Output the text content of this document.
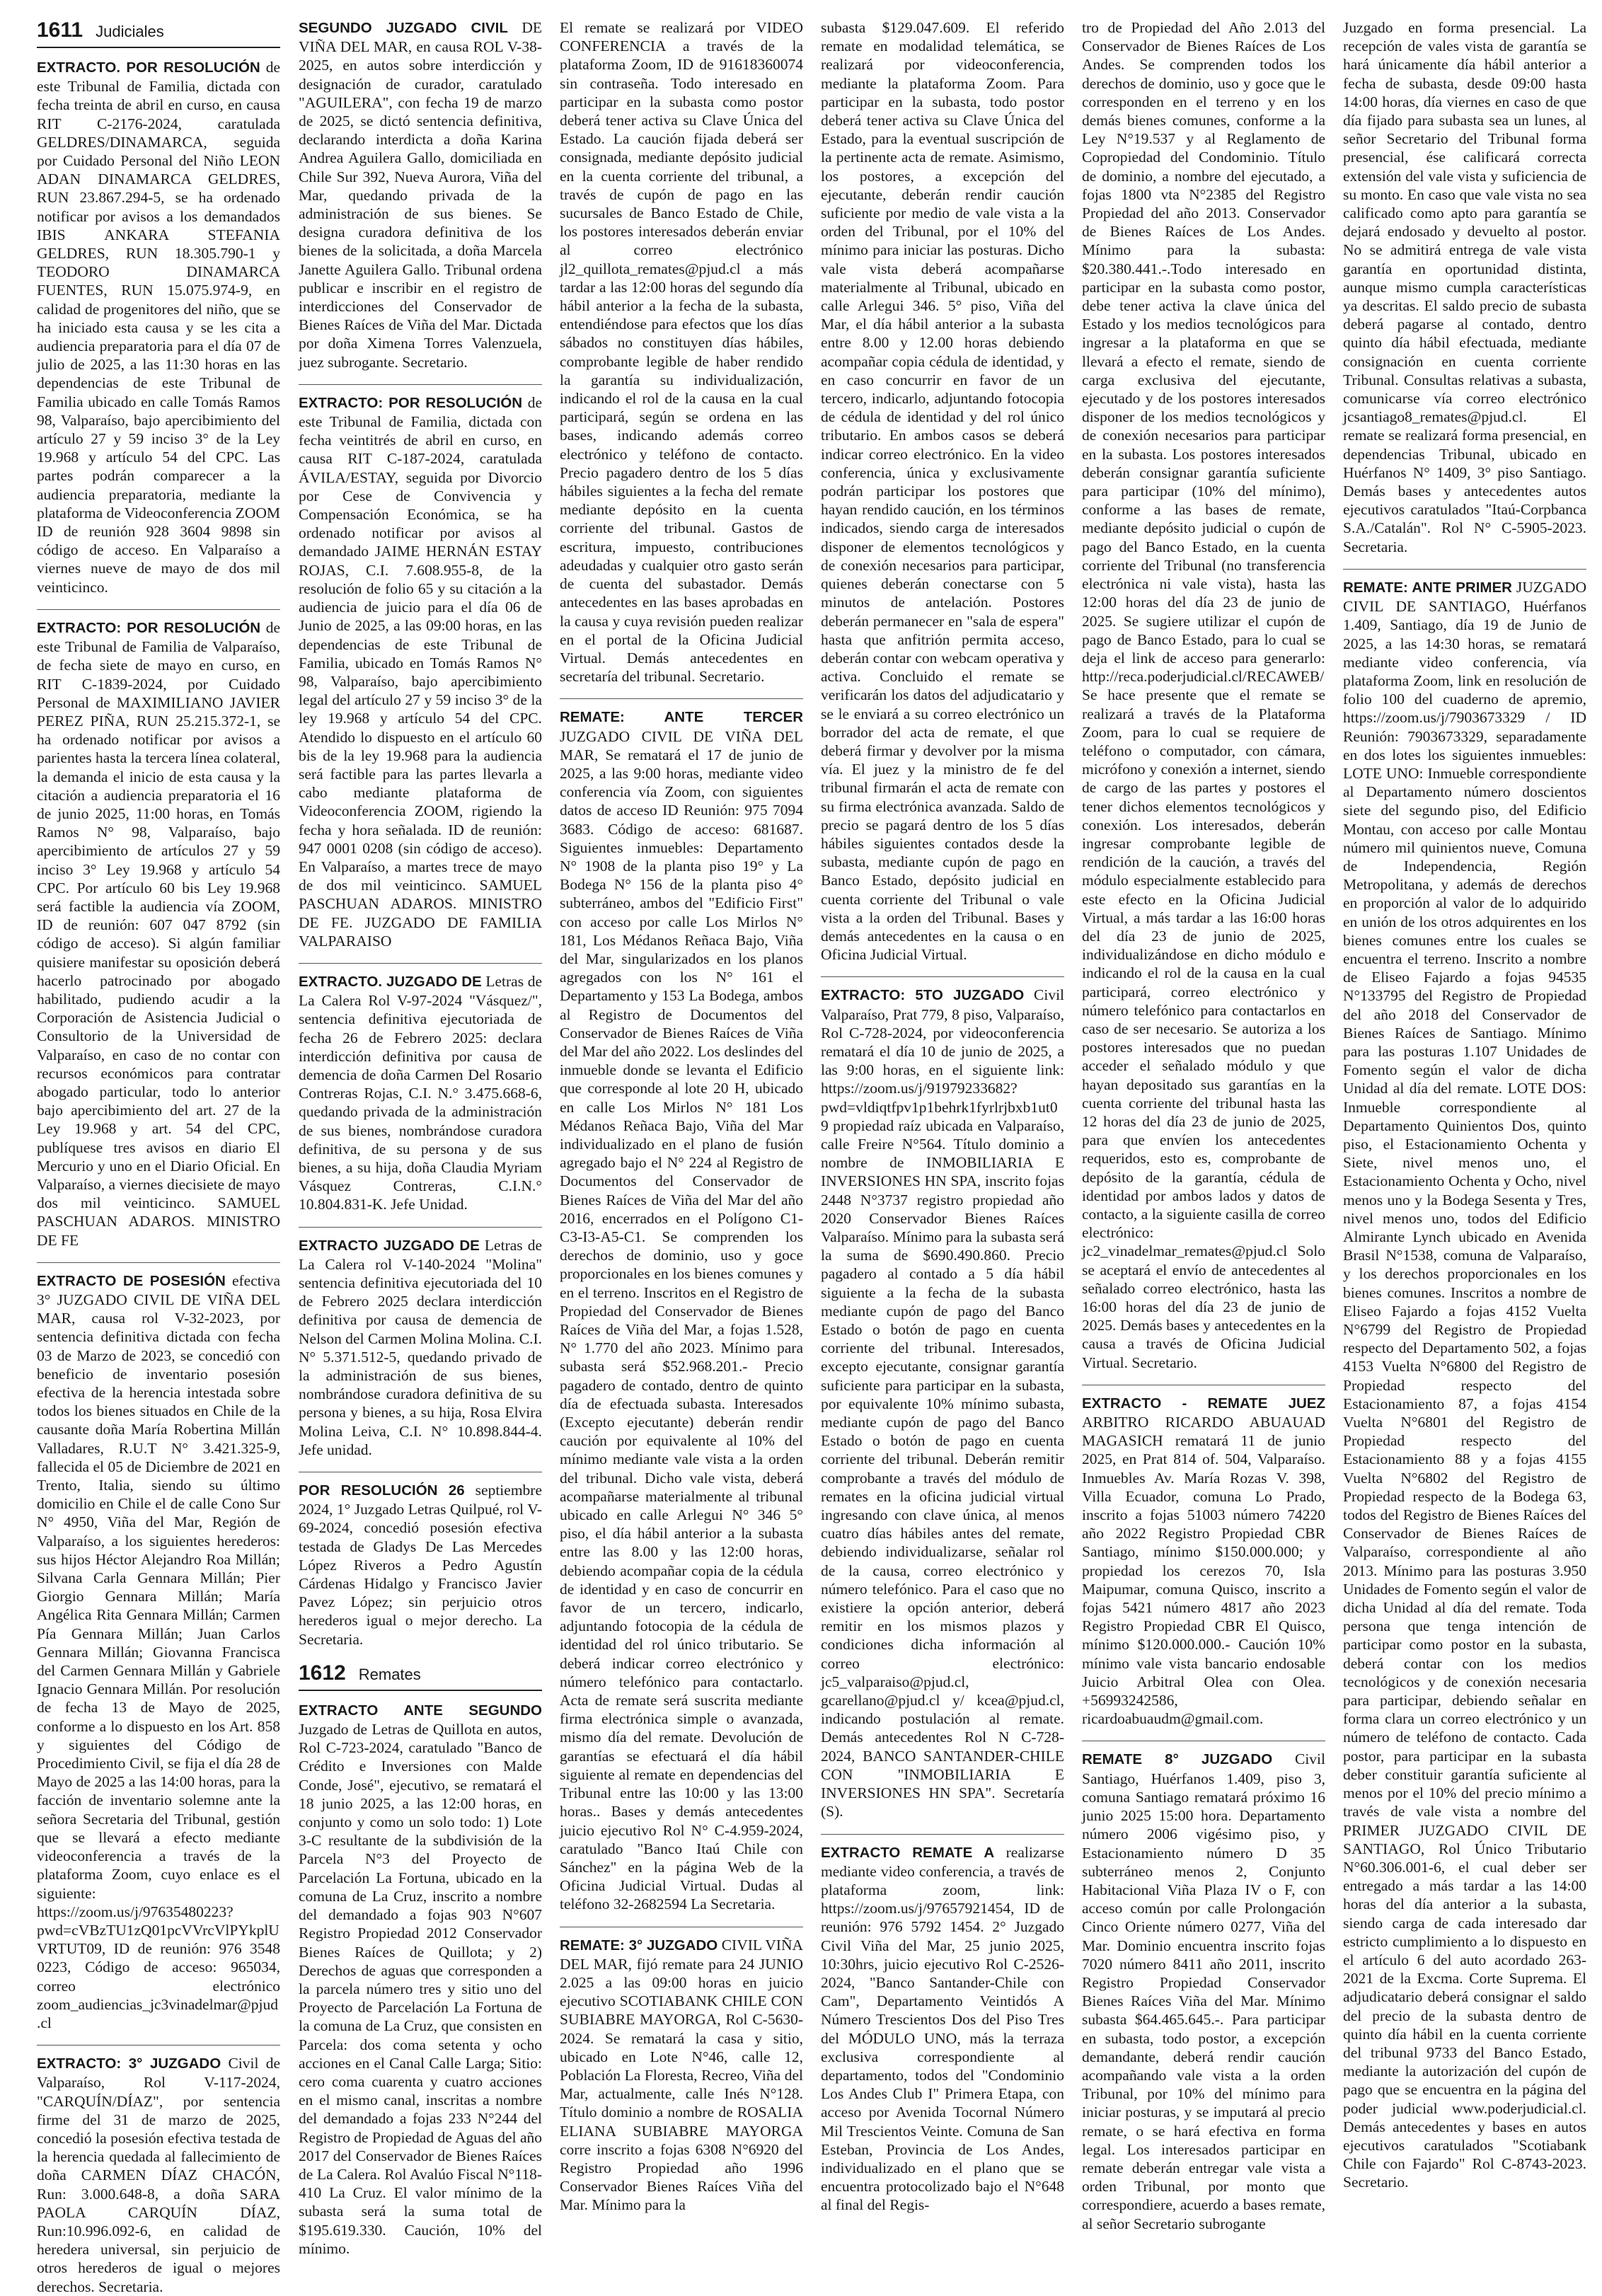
1611 Judiciales

EXTRACTO. POR RESOLUCIÓN de este Tribunal de Familia, dictada con fecha treinta de abril en curso, en causa RIT C-2176-2024, caratulada GELDRES/DINAMARCA, seguida por Cuidado Personal del Niño LEON ADAN DINAMARCA GELDRES, RUN 23.867.294-5, se ha ordenado notificar por avisos a los demandados IBIS ANKARA STEFANIA GELDRES, RUN 18.305.790-1 y TEODORO DINAMARCA FUENTES, RUN 15.075.974-9, en calidad de progenitores del niño, que se ha iniciado esta causa y se les cita a audiencia preparatoria para el día 07 de julio de 2025, a las 11:30 horas en las dependencias de este Tribunal de Familia ubicado en calle Tomás Ramos 98, Valparaíso, bajo apercibimiento del artículo 27 y 59 inciso 3° de la Ley 19.968 y artículo 54 del CPC. Las partes podrán comparecer a la audiencia preparatoria, mediante la plataforma de Videoconferencia ZOOM ID de reunión 928 3604 9898 sin código de acceso. En Valparaíso a viernes nueve de mayo de dos mil veinticinco.

EXTRACTO: POR RESOLUCIÓN de este Tribunal de Familia de Valparaíso, de fecha siete de mayo en curso, en RIT C-1839-2024, por Cuidado Personal de MAXIMILIANO JAVIER PEREZ PIÑA, RUN 25.215.372-1, se ha ordenado notificar por avisos a parientes hasta la tercera línea colateral, la demanda el inicio de esta causa y la citación a audiencia preparatoria el 16 de junio 2025, 11:00 horas, en Tomás Ramos N° 98, Valparaíso, bajo apercibimiento de artículos 27 y 59 inciso 3° Ley 19.968 y artículo 54 CPC. Por artículo 60 bis Ley 19.968 será factible la audiencia vía ZOOM, ID de reunión: 607 047 8792 (sin código de acceso). Si algún familiar quisiere manifestar su oposición deberá hacerlo patrocinado por abogado habilitado, pudiendo acudir a la Corporación de Asistencia Judicial o Consultorio de la Universidad de Valparaíso, en caso de no contar con recursos económicos para contratar abogado particular, todo lo anterior bajo apercibimiento del art. 27 de la Ley 19.968 y art. 54 del CPC, publíquese tres avisos en diario El Mercurio y uno en el Diario Oficial. En Valparaíso, a viernes diecisiete de mayo dos mil veinticinco. SAMUEL PASCHUAN ADAROS. MINISTRO DE FE

EXTRACTO DE POSESIÓN efectiva 3° JUZGADO CIVIL DE VIÑA DEL MAR, causa rol V-32-2023, por sentencia definitiva dictada con fecha 03 de Marzo de 2023, se concedió con beneficio de inventario posesión efectiva de la herencia intestada sobre todos los bienes situados en Chile de la causante doña María Robertina Millán Valladares, R.U.T N° 3.421.325-9, fallecida el 05 de Diciembre de 2021 en Trento, Italia, siendo su último domicilio en Chile el de calle Cono Sur N° 4950, Viña del Mar, Región de Valparaíso, a los siguientes herederos: sus hijos Héctor Alejandro Roa Millán; Silvana Carla Gennara Millán; Pier Giorgio Gennara Millán; María Angélica Rita Gennara Millán; Carmen Pía Gennara Millán; Juan Carlos Gennara Millán; Giovanna Francisca del Carmen Gennara Millán y Gabriele Ignacio Gennara Millán. Por resolución de fecha 13 de Mayo de 2025, conforme a lo dispuesto en los Art. 858 y siguientes del Código de Procedimiento Civil, se fija el día 28 de Mayo de 2025 a las 14:00 horas, para la facción de inventario solemne ante la señora Secretaria del Tribunal, gestión que se llevará a efecto mediante videoconferencia a través de la plataforma Zoom, cuyo enlace es el siguiente: https://zoom.us/j/97635480223?pwd=cVBzTU1zQ01pcVVrcVlPYkplUVRTUT09, ID de reunión: 976 3548 0223, Código de acceso: 965034, correo electrónico zoom_audiencias_jc3vinadelmar@pjud.cl

EXTRACTO: 3° JUZGADO Civil de Valparaíso, Rol V-117-2024, "CARQUÍN/DÍAZ", por sentencia firme del 31 de marzo de 2025, concedió la posesión efectiva testada de la herencia quedada al fallecimiento de doña CARMEN DÍAZ CHACÓN, Run: 3.000.648-8, a doña SARA PAOLA CARQUÍN DÍAZ, Run:10.996.092-6, en calidad de heredera universal, sin perjuicio de otros herederos de igual o mejores derechos. Secretaria.

SEGUNDO JUZGADO CIVIL DE VIÑA DEL MAR, en causa ROL V-38-2025, en autos sobre interdicción y designación de curador, caratulado "AGUILERA", con fecha 19 de marzo de 2025, se dictó sentencia definitiva, declarando interdicta a doña Karina Andrea Aguilera Gallo, domiciliada en Chile Sur 392, Nueva Aurora, Viña del Mar, quedando privada de la administración de sus bienes. Se designa curadora definitiva de los bienes de la solicitada, a doña Marcela Janette Aguilera Gallo. Tribunal ordena publicar e inscribir en el registro de interdicciones del Conservador de Bienes Raíces de Viña del Mar. Dictada por doña Ximena Torres Valenzuela, juez subrogante. Secretario.

EXTRACTO: POR RESOLUCIÓN de este Tribunal de Familia, dictada con fecha veintitrés de abril en curso, en causa RIT C-187-2024, caratulada ÁVILA/ESTAY, seguida por Divorcio por Cese de Convivencia y Compensación Económica, se ha ordenado notificar por avisos al demandado JAIME HERNÁN ESTAY ROJAS, C.I. 7.608.955-8, de la resolución de folio 65 y su citación a la audiencia de juicio para el día 06 de Junio de 2025, a las 09:00 horas, en las dependencias de este Tribunal de Familia, ubicado en Tomás Ramos N° 98, Valparaíso, bajo apercibimiento legal del artículo 27 y 59 inciso 3° de la ley 19.968 y artículo 54 del CPC. Atendido lo dispuesto en el artículo 60 bis de la ley 19.968 para la audiencia será factible para las partes llevarla a cabo mediante plataforma de Videoconferencia ZOOM, rigiendo la fecha y hora señalada. ID de reunión: 947 0001 0208 (sin código de acceso). En Valparaíso, a martes trece de mayo de dos mil veinticinco. SAMUEL PASCHUAN ADAROS. MINISTRO DE FE. JUZGADO DE FAMILIA VALPARAISO

EXTRACTO. JUZGADO DE Letras de La Calera Rol V-97-2024 "Vásquez/", sentencia definitiva ejecutoriada de fecha 26 de Febrero 2025: declara interdicción definitiva por causa de demencia de doña Carmen Del Rosario Contreras Rojas, C.I. N.° 3.475.668-6, quedando privada de la administración de sus bienes, nombrándose curadora definitiva, de su persona y de sus bienes, a su hija, doña Claudia Myriam Vásquez Contreras, C.I.N.° 10.804.831-K. Jefe Unidad.

EXTRACTO JUZGADO DE Letras de La Calera rol V-140-2024 "Molina" sentencia definitiva ejecutoriada del 10 de Febrero 2025 declara interdicción definitiva por causa de demencia de Nelson del Carmen Molina Molina. C.I. N° 5.371.512-5, quedando privado de la administración de sus bienes, nombrándose curadora definitiva de su persona y bienes, a su hija, Rosa Elvira Molina Leiva, C.I. N° 10.898.844-4. Jefe unidad.

POR RESOLUCIÓN 26 septiembre 2024, 1° Juzgado Letras Quilpué, rol V-69-2024, concedió posesión efectiva testada de Gladys De Las Mercedes López Riveros a Pedro Agustín Cárdenas Hidalgo y Francisco Javier Pavez López; sin perjuicio otros herederos igual o mejor derecho. La Secretaria.

1612 Remates

EXTRACTO ANTE SEGUNDO Juzgado de Letras de Quillota en autos, Rol C-723-2024, caratulado "Banco de Crédito e Inversiones con Malde Conde, José", ejecutivo, se rematará el 18 junio 2025, a las 12:00 horas, en conjunto y como un solo todo: 1) Lote 3-C resultante de la subdivisión de la Parcela N°3 del Proyecto de Parcelación La Fortuna, ubicado en la comuna de La Cruz, inscrito a nombre del demandado a fojas 903 N°607 Registro Propiedad 2012 Conservador Bienes Raíces de Quillota; y 2) Derechos de aguas que corresponden a la parcela número tres y sitio uno del Proyecto de Parcelación La Fortuna de la comuna de La Cruz, que consisten en Parcela: dos coma setenta y ocho acciones en el Canal Calle Larga; Sitio: cero coma cuarenta y cuatro acciones en el mismo canal, inscritas a nombre del demandado a fojas 233 N°244 del Registro de Propiedad de Aguas del año 2017 del Conservador de Bienes Raíces de La Calera. Rol Avalúo Fiscal N°118-410 La Cruz. El valor mínimo de la subasta será la suma total de $195.619.330. Caución, 10% del mínimo.

El remate se realizará por VIDEO CONFERENCIA a través de la plataforma Zoom, ID de 91618360074 sin contraseña. Todo interesado en participar en la subasta como postor deberá tener activa su Clave Única del Estado. La caución fijada deberá ser consignada, mediante depósito judicial en la cuenta corriente del tribunal, a través de cupón de pago en las sucursales de Banco Estado de Chile, los postores interesados deberán enviar al correo electrónico jl2_quillota_remates@pjud.cl a más tardar a las 12:00 horas del segundo día hábil anterior a la fecha de la subasta, entendiéndose para efectos que los días sábados no constituyen días hábiles, comprobante legible de haber rendido la garantía su individualización, indicando el rol de la causa en la cual participará, según se ordena en las bases, indicando además correo electrónico y teléfono de contacto. Precio pagadero dentro de los 5 días hábiles siguientes a la fecha del remate mediante depósito en la cuenta corriente del tribunal. Gastos de escritura, impuesto, contribuciones adeudadas y cualquier otro gasto serán de cuenta del subastador. Demás antecedentes en las bases aprobadas en la causa y cuya revisión pueden realizar en el portal de la Oficina Judicial Virtual. Demás antecedentes en secretaría del tribunal. Secretario.

REMATE: ANTE TERCER JUZGADO CIVIL DE VIÑA DEL MAR, Se rematará el 17 de junio de 2025, a las 9:00 horas, mediante video conferencia vía Zoom, con siguientes datos de acceso ID Reunión: 975 7094 3683. Código de acceso: 681687. Siguientes inmuebles: Departamento N° 1908 de la planta piso 19° y La Bodega N° 156 de la planta piso 4° subterráneo, ambos del "Edificio First" con acceso por calle Los Mirlos N° 181, Los Médanos Reñaca Bajo, Viña del Mar, singularizados en los planos agregados con los N° 161 el Departamento y 153 La Bodega, ambos al Registro de Documentos del Conservador de Bienes Raíces de Viña del Mar del año 2022. Los deslindes del inmueble donde se levanta el Edificio que corresponde al lote 20 H, ubicado en calle Los Mirlos N° 181 Los Médanos Reñaca Bajo, Viña del Mar individualizado en el plano de fusión agregado bajo el N° 224 al Registro de Documentos del Conservador de Bienes Raíces de Viña del Mar del año 2016, encerrados en el Polígono C1-C3-I3-A5-C1. Se comprenden los derechos de dominio, uso y goce proporcionales en los bienes comunes y en el terreno. Inscritos en el Registro de Propiedad del Conservador de Bienes Raíces de Viña del Mar, a fojas 1.528, N° 1.770 del año 2023. Mínimo para subasta será $52.968.201.- Precio pagadero de contado, dentro de quinto día de efectuada subasta. Interesados (Excepto ejecutante) deberán rendir caución por equivalente al 10% del mínimo mediante vale vista a la orden del tribunal. Dicho vale vista, deberá acompañarse materialmente al tribunal ubicado en calle Arlegui N° 346 5° piso, el día hábil anterior a la subasta entre las 8.00 y las 12:00 horas, debiendo acompañar copia de la cédula de identidad y en caso de concurrir en favor de un tercero, indicarlo, adjuntando fotocopia de la cédula de identidad del rol único tributario. Se deberá indicar correo electrónico y número telefónico para contactarlo. Acta de remate será suscrita mediante firma electrónica simple o avanzada, mismo día del remate. Devolución de garantías se efectuará el día hábil siguiente al remate en dependencias del Tribunal entre las 10:00 y las 13:00 horas.. Bases y demás antecedentes juicio ejecutivo Rol N° C-4.959-2024, caratulado "Banco Itaú Chile con Sánchez" en la página Web de la Oficina Judicial Virtual. Dudas al teléfono 32-2682594 La Secretaria.

REMATE: 3° JUZGADO CIVIL VIÑA DEL MAR, fijó remate para 24 JUNIO 2.025 a las 09:00 horas en juicio ejecutivo SCOTIABANK CHILE CON SUBIABRE MAYORGA, Rol C-5630-2024. Se rematará la casa y sitio, ubicado en Lote N°46, calle 12, Población La Floresta, Recreo, Viña del Mar, actualmente, calle Inés N°128. Título dominio a nombre de ROSALIA ELIANA SUBIABRE MAYORGA corre inscrito a fojas 6308 N°6920 del Registro Propiedad año 1996 Conservador Bienes Raíces Viña del Mar. Mínimo para la

subasta $129.047.609. El referido remate en modalidad telemática, se realizará por videoconferencia, mediante la plataforma Zoom. Para participar en la subasta, todo postor deberá tener activa su Clave Única del Estado, para la eventual suscripción de la pertinente acta de remate. Asimismo, los postores, a excepción del ejecutante, deberán rendir caución suficiente por medio de vale vista a la orden del Tribunal, por el 10% del mínimo para iniciar las posturas. Dicho vale vista deberá acompañarse materialmente al Tribunal, ubicado en calle Arlegui 346. 5° piso, Viña del Mar, el día hábil anterior a la subasta entre 8.00 y 12.00 horas debiendo acompañar copia cédula de identidad, y en caso concurrir en favor de un tercero, indicarlo, adjuntando fotocopia de cédula de identidad y del rol único tributario. En ambos casos se deberá indicar correo electrónico. En la video conferencia, única y exclusivamente podrán participar los postores que hayan rendido caución, en los términos indicados, siendo carga de interesados disponer de elementos tecnológicos y de conexión necesarios para participar, quienes deberán conectarse con 5 minutos de antelación. Postores deberán permanecer en "sala de espera" hasta que anfitrión permita acceso, deberán contar con webcam operativa y activa. Concluido el remate se verificarán los datos del adjudicatario y se le enviará a su correo electrónico un borrador del acta de remate, el que deberá firmar y devolver por la misma vía. El juez y la ministro de fe del tribunal firmarán el acta de remate con su firma electrónica avanzada. Saldo de precio se pagará dentro de los 5 días hábiles siguientes contados desde la subasta, mediante cupón de pago en Banco Estado, depósito judicial en cuenta corriente del Tribunal o vale vista a la orden del Tribunal. Bases y demás antecedentes en la causa o en Oficina Judicial Virtual.

EXTRACTO: 5TO JUZGADO Civil Valparaíso, Prat 779, 8 piso, Valparaíso, Rol C-728-2024, por videoconferencia rematará el día 10 de junio de 2025, a las 9:00 horas, en el siguiente link: https://zoom.us/j/91979233682?pwd=vldiqtfpv1p1behrk1fyrlrjbxb1ut09 propiedad raíz ubicada en Valparaíso, calle Freire N°564. Título dominio a nombre de INMOBILIARIA E INVERSIONES HN SPA, inscrito fojas 2448 N°3737 registro propiedad año 2020 Conservador Bienes Raíces Valparaíso. Mínimo para la subasta será la suma de $690.490.860. Precio pagadero al contado a 5 día hábil siguiente a la fecha de la subasta mediante cupón de pago del Banco Estado o botón de pago en cuenta corriente del tribunal. Interesados, excepto ejecutante, consignar garantía suficiente para participar en la subasta, por equivalente 10% mínimo subasta, mediante cupón de pago del Banco Estado o botón de pago en cuenta corriente del tribunal. Deberán remitir comprobante a través del módulo de remates en la oficina judicial virtual ingresando con clave única, al menos cuatro días hábiles antes del remate, debiendo individualizarse, señalar rol de la causa, correo electrónico y número telefónico. Para el caso que no existiere la opción anterior, deberá remitir en los mismos plazos y condiciones dicha información al correo electrónico: jc5_valparaiso@pjud.cl, gcarellano@pjud.cl y/ kcea@pjud.cl, indicando postulación al remate. Demás antecedentes Rol N C-728-2024, BANCO SANTANDER-CHILE CON "INMOBILIARIA E INVERSIONES HN SPA". Secretaría (S).

EXTRACTO REMATE A realizarse mediante video conferencia, a través de plataforma zoom, link: https://zoom.us/j/97657921454, ID de reunión: 976 5792 1454. 2° Juzgado Civil Viña del Mar, 25 junio 2025, 10:30hrs, juicio ejecutivo Rol C-2526-2024, "Banco Santander-Chile con Cam", Departamento Veintidós A Número Trescientos Dos del Piso Tres del MÓDULO UNO, más la terraza exclusiva correspondiente al departamento, todos del "Condominio Los Andes Club I" Primera Etapa, con acceso por Avenida Tocornal Número Mil Trescientos Veinte. Comuna de San Esteban, Provincia de Los Andes, individualizado en el plano que se encuentra protocolizado bajo el N°648 al final del Regis-

tro de Propiedad del Año 2.013 del Conservador de Bienes Raíces de Los Andes. Se comprenden todos los derechos de dominio, uso y goce que le corresponden en el terreno y en los demás bienes comunes, conforme a la Ley N°19.537 y al Reglamento de Copropiedad del Condominio. Título de dominio, a nombre del ejecutado, a fojas 1800 vta N°2385 del Registro Propiedad del año 2013. Conservador de Bienes Raíces de Los Andes. Mínimo para la subasta: $20.380.441.-.Todo interesado en participar en la subasta como postor, debe tener activa la clave única del Estado y los medios tecnológicos para ingresar a la plataforma en que se llevará a efecto el remate, siendo de carga exclusiva del ejecutante, ejecutado y de los postores interesados disponer de los medios tecnológicos y de conexión necesarios para participar en la subasta. Los postores interesados deberán consignar garantía suficiente para participar (10% del mínimo), conforme a las bases de remate, mediante depósito judicial o cupón de pago del Banco Estado, en la cuenta corriente del Tribunal (no transferencia electrónica ni vale vista), hasta las 12:00 horas del día 23 de junio de 2025. Se sugiere utilizar el cupón de pago de Banco Estado, para lo cual se deja el link de acceso para generarlo: http://reca.poderjudicial.cl/RECAWEB/ Se hace presente que el remate se realizará a través de la Plataforma Zoom, para lo cual se requiere de teléfono o computador, con cámara, micrófono y conexión a internet, siendo de cargo de las partes y postores el tener dichos elementos tecnológicos y conexión. Los interesados, deberán ingresar comprobante legible de rendición de la caución, a través del módulo especialmente establecido para este efecto en la Oficina Judicial Virtual, a más tardar a las 16:00 horas del día 23 de junio de 2025, individualizándose en dicho módulo e indicando el rol de la causa en la cual participará, correo electrónico y número telefónico para contactarlos en caso de ser necesario. Se autoriza a los postores interesados que no puedan acceder el señalado módulo y que hayan depositado sus garantías en la cuenta corriente del tribunal hasta las 12 horas del día 23 de junio de 2025, para que envíen los antecedentes requeridos, esto es, comprobante de depósito de la garantía, cédula de identidad por ambos lados y datos de contacto, a la siguiente casilla de correo electrónico: jc2_vinadelmar_remates@pjud.cl Solo se aceptará el envío de antecedentes al señalado correo electrónico, hasta las 16:00 horas del día 23 de junio de 2025. Demás bases y antecedentes en la causa a través de Oficina Judicial Virtual. Secretario.

EXTRACTO - REMATE JUEZ ARBITRO RICARDO ABUAUAD MAGASICH rematará 11 de junio 2025, en Prat 814 of. 504, Valparaíso. Inmuebles Av. María Rozas V. 398, Villa Ecuador, comuna Lo Prado, inscrito a fojas 51003 número 74220 año 2022 Registro Propiedad CBR Santiago, mínimo $150.000.000; y propiedad los cerezos 70, Isla Maipumar, comuna Quisco, inscrito a fojas 5421 número 4817 año 2023 Registro Propiedad CBR El Quisco, mínimo $120.000.000.- Caución 10% mínimo vale vista bancario endosable Juicio Arbitral Olea con Olea. +56993242586, ricardoabuaudm@gmail.com.

REMATE 8° JUZGADO Civil Santiago, Huérfanos 1.409, piso 3, comuna Santiago rematará próximo 16 junio 2025 15:00 hora. Departamento número 2006 vigésimo piso, y Estacionamiento número D 35 subterráneo menos 2, Conjunto Habitacional Viña Plaza IV o F, con acceso común por calle Prolongación Cinco Oriente número 0277, Viña del Mar. Dominio encuentra inscrito fojas 7020 número 8411 año 2011, inscrito Registro Propiedad Conservador Bienes Raíces Viña del Mar. Mínimo subasta $64.465.645.-. Para participar en subasta, todo postor, a excepción demandante, deberá rendir caución acompañando vale vista a la orden Tribunal, por 10% del mínimo para iniciar posturas, y se imputará al precio remate, o se hará efectiva en forma legal. Los interesados participar en remate deberán entregar vale vista a orden Tribunal, por monto que correspondiere, acuerdo a bases remate, al señor Secretario subrogante

Juzgado en forma presencial. La recepción de vales vista de garantía se hará únicamente día hábil anterior a fecha de subasta, desde 09:00 hasta 14:00 horas, día viernes en caso de que día fijado para subasta sea un lunes, al señor Secretario del Tribunal forma presencial, ése calificará correcta extensión del vale vista y suficiencia de su monto. En caso que vale vista no sea calificado como apto para garantía se dejará endosado y devuelto al postor. No se admitirá entrega de vale vista garantía en oportunidad distinta, aunque mismo cumpla características ya descritas. El saldo precio de subasta deberá pagarse al contado, dentro quinto día hábil efectuada, mediante consignación en cuenta corriente Tribunal. Consultas relativas a subasta, comunicarse vía correo electrónico jcsantiago8_remates@pjud.cl. El remate se realizará forma presencial, en dependencias Tribunal, ubicado en Huérfanos N° 1409, 3° piso Santiago. Demás bases y antecedentes autos ejecutivos caratulados "Itaú-Corpbanca S.A./Catalán". Rol N° C-5905-2023. Secretaria.

REMATE: ANTE PRIMER JUZGADO CIVIL DE SANTIAGO, Huérfanos 1.409, Santiago, día 19 de Junio de 2025, a las 14:30 horas, se rematará mediante video conferencia, vía plataforma Zoom, link en resolución de folio 100 del cuaderno de apremio, https://zoom.us/j/7903673329 / ID Reunión: 7903673329, separadamente en dos lotes los siguientes inmuebles: LOTE UNO: Inmueble correspondiente al Departamento número doscientos siete del segundo piso, del Edificio Montau, con acceso por calle Montau número mil quinientos nueve, Comuna de Independencia, Región Metropolitana, y además de derechos en proporción al valor de lo adquirido en unión de los otros adquirentes en los bienes comunes entre los cuales se encuentra el terreno. Inscrito a nombre de Eliseo Fajardo a fojas 94535 N°133795 del Registro de Propiedad del año 2018 del Conservador de Bienes Raíces de Santiago. Mínimo para las posturas 1.107 Unidades de Fomento según el valor de dicha Unidad al día del remate. LOTE DOS: Inmueble correspondiente al Departamento Quinientos Dos, quinto piso, el Estacionamiento Ochenta y Siete, nivel menos uno, el Estacionamiento Ochenta y Ocho, nivel menos uno y la Bodega Sesenta y Tres, nivel menos uno, todos del Edificio Almirante Lynch ubicado en Avenida Brasil N°1538, comuna de Valparaíso, y los derechos proporcionales en los bienes comunes. Inscritos a nombre de Eliseo Fajardo a fojas 4152 Vuelta N°6799 del Registro de Propiedad respecto del Departamento 502, a fojas 4153 Vuelta N°6800 del Registro de Propiedad respecto del Estacionamiento 87, a fojas 4154 Vuelta N°6801 del Registro de Propiedad respecto del Estacionamiento 88 y a fojas 4155 Vuelta N°6802 del Registro de Propiedad respecto de la Bodega 63, todos del Registro de Bienes Raíces del Conservador de Bienes Raíces de Valparaíso, correspondiente al año 2013. Mínimo para las posturas 3.950 Unidades de Fomento según el valor de dicha Unidad al día del remate. Toda persona que tenga intención de participar como postor en la subasta, deberá contar con los medios tecnológicos y de conexión necesaria para participar, debiendo señalar en forma clara un correo electrónico y un número de teléfono de contacto. Cada postor, para participar en la subasta deber constituir garantía suficiente al menos por el 10% del precio mínimo a través de vale vista a nombre del PRIMER JUZGADO CIVIL DE SANTIAGO, Rol Único Tributario N°60.306.001-6, el cual deber ser entregado a más tardar a las 14:00 horas del día anterior a la subasta, siendo carga de cada interesado dar estricto cumplimiento a lo dispuesto en el artículo 6 del auto acordado 263-2021 de la Excma. Corte Suprema. El adjudicatario deberá consignar el saldo del precio de la subasta dentro de quinto día hábil en la cuenta corriente del tribunal 9733 del Banco Estado, mediante la autorización del cupón de pago que se encuentra en la página del poder judicial www.poderjudicial.cl. Demás antecedentes y bases en autos ejecutivos caratulados "Scotiabank Chile con Fajardo" Rol C-8743-2023. Secretario.
